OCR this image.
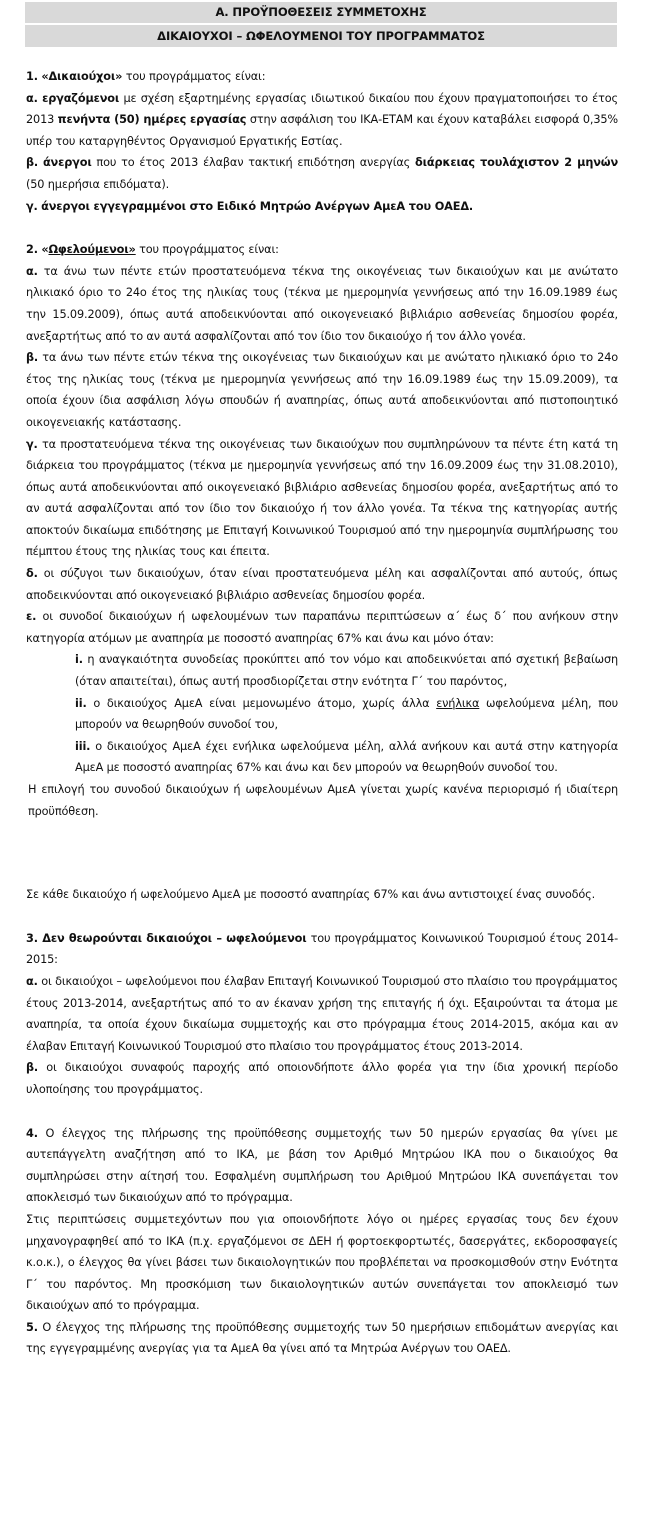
Α. ΠΡΟΫΠΟΘΕΣΕΙΣ ΣΥΜΜΕΤΟΧΗΣ
ΔΙΚΑΙΟΥΧΟΙ – ΩΦΕΛΟΥΜΕΝΟΙ ΤΟΥ ΠΡΟΓΡΑΜΜΑΤΟΣ

1. «Δικαιούχοι» του προγράμματος είναι:

α. εργαζόμενοι με σχέση εξαρτημένης εργασίας ιδιωτικού δικαίου που έχουν πραγματοποιήσει το έτος 2013 πενήντα (50) ημέρες εργασίας στην ασφάλιση του ΙΚΑ-ΕΤΑΜ και έχουν καταβάλει εισφορά 0,35% υπέρ του καταργηθέντος Οργανισμού Εργατικής Εστίας.

β. άνεργοι που το έτος 2013 έλαβαν τακτική επιδότηση ανεργίας διάρκειας τουλάχιστον 2 μηνών (50 ημερήσια επιδόματα).

γ. άνεργοι εγγεγραμμένοι στο Ειδικό Μητρώο Ανέργων ΑμεΑ του ΟΑΕΔ.

2. «Ωφελούμενοι» του προγράμματος είναι:

α. τα άνω των πέντε ετών προστατευόμενα τέκνα της οικογένειας των δικαιούχων και με ανώτατο ηλικιακό όριο το 24ο έτος της ηλικίας τους (τέκνα με ημερομηνία γεννήσεως από την 16.09.1989 έως την 15.09.2009), όπως αυτά αποδεικνύονται από οικογενειακό βιβλιάριο ασθενείας δημοσίου φορέα, ανεξαρτήτως από το αν αυτά ασφαλίζονται από τον ίδιο τον δικαιούχο ή τον άλλο γονέα.

β. τα άνω των πέντε ετών τέκνα της οικογένειας των δικαιούχων και με ανώτατο ηλικιακό όριο το 24ο έτος της ηλικίας τους (τέκνα με ημερομηνία γεννήσεως από την 16.09.1989 έως την 15.09.2009), τα οποία έχουν ίδια ασφάλιση λόγω σπουδών ή αναπηρίας, όπως αυτά αποδεικνύονται από πιστοποιητικό οικογενειακής κατάστασης.

γ. τα προστατευόμενα τέκνα της οικογένειας των δικαιούχων που συμπληρώνουν τα πέντε έτη κατά τη διάρκεια του προγράμματος (τέκνα με ημερομηνία γεννήσεως από την 16.09.2009 έως την 31.08.2010), όπως αυτά αποδεικνύονται από οικογενειακό βιβλιάριο ασθενείας δημοσίου φορέα, ανεξαρτήτως από το αν αυτά ασφαλίζονται από τον ίδιο τον δικαιούχο ή τον άλλο γονέα. Τα τέκνα της κατηγορίας αυτής αποκτούν δικαίωμα επιδότησης με Επιταγή Κοινωνικού Τουρισμού από την ημερομηνία συμπλήρωσης του πέμπτου έτους της ηλικίας τους και έπειτα.

δ. οι σύζυγοι των δικαιούχων, όταν είναι προστατευόμενα μέλη και ασφαλίζονται από αυτούς, όπως αποδεικνύονται από οικογενειακό βιβλιάριο ασθενείας δημοσίου φορέα.

ε. οι συνοδοί δικαιούχων ή ωφελουμένων των παραπάνω περιπτώσεων α΄ έως δ΄ που ανήκουν στην κατηγορία ατόμων με αναπηρία με ποσοστό αναπηρίας 67% και άνω και μόνο όταν:

i. η αναγκαιότητα συνοδείας προκύπτει από τον νόμο και αποδεικνύεται από σχετική βεβαίωση (όταν απαιτείται), όπως αυτή προσδιορίζεται στην ενότητα Γ΄ του παρόντος,

ii. ο δικαιούχος ΑμεΑ είναι μεμονωμένο άτομο, χωρίς άλλα ενήλικα ωφελούμενα μέλη, που μπορούν να θεωρηθούν συνοδοί του,

iii. ο δικαιούχος ΑμεΑ έχει ενήλικα ωφελούμενα μέλη, αλλά ανήκουν και αυτά στην κατηγορία ΑμεΑ με ποσοστό αναπηρίας 67% και άνω και δεν μπορούν να θεωρηθούν συνοδοί του.

Η επιλογή του συνοδού δικαιούχων ή ωφελουμένων ΑμεΑ γίνεται χωρίς κανένα περιορισμό ή ιδιαίτερη προϋπόθεση.

Σε κάθε δικαιούχο ή ωφελούμενο ΑμεΑ με ποσοστό αναπηρίας 67% και άνω αντιστοιχεί ένας συνοδός.

3. Δεν θεωρούνται δικαιούχοι – ωφελούμενοι του προγράμματος Κοινωνικού Τουρισμού έτους 2014-2015:

α. οι δικαιούχοι – ωφελούμενοι που έλαβαν Επιταγή Κοινωνικού Τουρισμού στο πλαίσιο του προγράμματος έτους 2013-2014, ανεξαρτήτως από το αν έκαναν χρήση της επιταγής ή όχι. Εξαιρούνται τα άτομα με αναπηρία, τα οποία έχουν δικαίωμα συμμετοχής και στο πρόγραμμα έτους 2014-2015, ακόμα και αν έλαβαν Επιταγή Κοινωνικού Τουρισμού στο πλαίσιο του προγράμματος έτους 2013-2014.

β. οι δικαιούχοι συναφούς παροχής από οποιονδήποτε άλλο φορέα για την ίδια χρονική περίοδο υλοποίησης του προγράμματος.

4. Ο έλεγχος της πλήρωσης της προϋπόθεσης συμμετοχής των 50 ημερών εργασίας θα γίνει με αυτεπάγγελτη αναζήτηση από το ΙΚΑ, με βάση τον Αριθμό Μητρώου ΙΚΑ που ο δικαιούχος θα συμπληρώσει στην αίτησή του. Εσφαλμένη συμπλήρωση του Αριθμού Μητρώου ΙΚΑ συνεπάγεται τον αποκλεισμό των δικαιούχων από το πρόγραμμα.

Στις περιπτώσεις συμμετεχόντων που για οποιονδήποτε λόγο οι ημέρες εργασίας τους δεν έχουν μηχανογραφηθεί από το ΙΚΑ (π.χ. εργαζόμενοι σε ΔΕΗ ή φορτοεκφορτωτές, δασεργάτες, εκδοροσφαγείς κ.ο.κ.), ο έλεγχος θα γίνει βάσει των δικαιολογητικών που προβλέπεται να προσκομισθούν στην Ενότητα Γ΄ του παρόντος. Μη προσκόμιση των δικαιολογητικών αυτών συνεπάγεται τον αποκλεισμό των δικαιούχων από το πρόγραμμα.

5. Ο έλεγχος της πλήρωσης της προϋπόθεσης συμμετοχής των 50 ημερήσιων επιδομάτων ανεργίας και της εγγεγραμμένης ανεργίας για τα ΑμεΑ θα γίνει από τα Μητρώα Ανέργων του ΟΑΕΔ.
